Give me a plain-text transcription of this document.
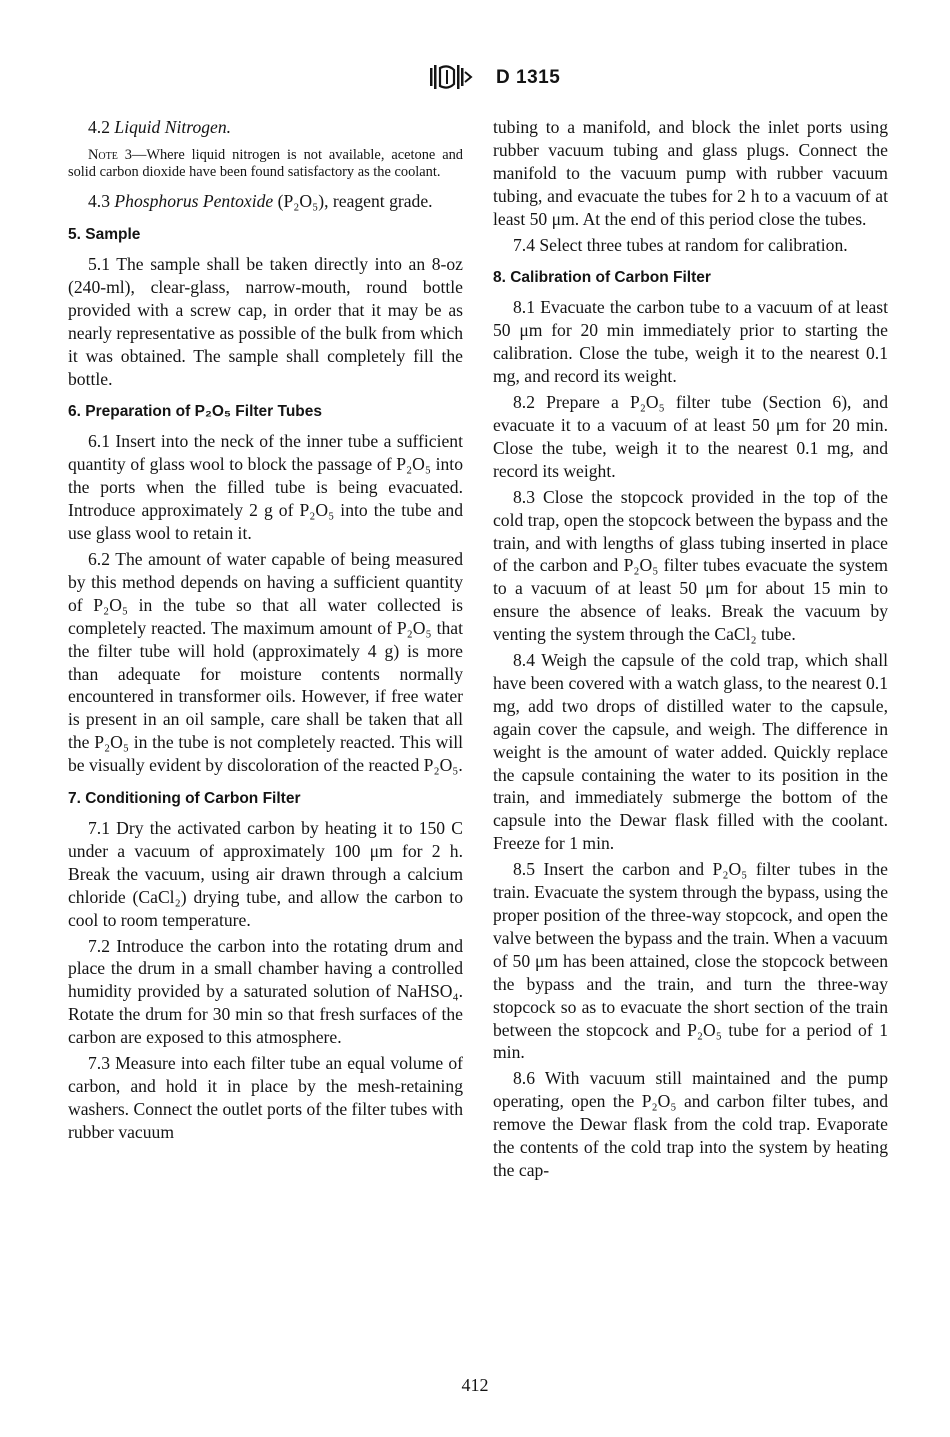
D 1315

4.2 Liquid Nitrogen.

Note 3—Where liquid nitrogen is not available, acetone and solid carbon dioxide have been found satisfactory as the coolant.

4.3 Phosphorus Pentoxide (P₂O₅), reagent grade.

5. Sample

5.1 The sample shall be taken directly into an 8-oz (240-ml), clear-glass, narrow-mouth, round bottle provided with a screw cap, in order that it may be as nearly representative as possible of the bulk from which it was obtained. The sample shall completely fill the bottle.

6. Preparation of P₂O₅ Filter Tubes

6.1 Insert into the neck of the inner tube a sufficient quantity of glass wool to block the passage of P₂O₅ into the ports when the filled tube is being evacuated. Introduce approximately 2 g of P₂O₅ into the tube and use glass wool to retain it.

6.2 The amount of water capable of being measured by this method depends on having a sufficient quantity of P₂O₅ in the tube so that all water collected is completely reacted. The maximum amount of P₂O₅ that the filter tube will hold (approximately 4 g) is more than adequate for moisture contents normally encountered in transformer oils. However, if free water is present in an oil sample, care shall be taken that all the P₂O₅ in the tube is not completely reacted. This will be visually evident by discoloration of the reacted P₂O₅.

7. Conditioning of Carbon Filter

7.1 Dry the activated carbon by heating it to 150 C under a vacuum of approximately 100 μm for 2 h. Break the vacuum, using air drawn through a calcium chloride (CaCl₂) drying tube, and allow the carbon to cool to room temperature.

7.2 Introduce the carbon into the rotating drum and place the drum in a small chamber having a controlled humidity provided by a saturated solution of NaHSO₄. Rotate the drum for 30 min so that fresh surfaces of the carbon are exposed to this atmosphere.

7.3 Measure into each filter tube an equal volume of carbon, and hold it in place by the mesh-retaining washers. Connect the outlet ports of the filter tubes with rubber vacuum

tubing to a manifold, and block the inlet ports using rubber vacuum tubing and glass plugs. Connect the manifold to the vacuum pump with rubber vacuum tubing, and evacuate the tubes for 2 h to a vacuum of at least 50 μm. At the end of this period close the tubes.

7.4 Select three tubes at random for calibration.

8. Calibration of Carbon Filter

8.1 Evacuate the carbon tube to a vacuum of at least 50 μm for 20 min immediately prior to starting the calibration. Close the tube, weigh it to the nearest 0.1 mg, and record its weight.

8.2 Prepare a P₂O₅ filter tube (Section 6), and evacuate it to a vacuum of at least 50 μm for 20 min. Close the tube, weigh it to the nearest 0.1 mg, and record its weight.

8.3 Close the stopcock provided in the top of the cold trap, open the stopcock between the bypass and the train, and with lengths of glass tubing inserted in place of the carbon and P₂O₅ filter tubes evacuate the system to a vacuum of at least 50 μm for about 15 min to ensure the absence of leaks. Break the vacuum by venting the system through the CaCl₂ tube.

8.4 Weigh the capsule of the cold trap, which shall have been covered with a watch glass, to the nearest 0.1 mg, add two drops of distilled water to the capsule, again cover the capsule, and weigh. The difference in weight is the amount of water added. Quickly replace the capsule containing the water to its position in the train, and immediately submerge the bottom of the capsule into the Dewar flask filled with the coolant. Freeze for 1 min.

8.5 Insert the carbon and P₂O₅ filter tubes in the train. Evacuate the system through the bypass, using the proper position of the three-way stopcock, and open the valve between the bypass and the train. When a vacuum of 50 μm has been attained, close the stopcock between the bypass and the train, and turn the three-way stopcock so as to evacuate the short section of the train between the stopcock and P₂O₅ tube for a period of 1 min.

8.6 With vacuum still maintained and the pump operating, open the P₂O₅ and carbon filter tubes, and remove the Dewar flask from the cold trap. Evaporate the contents of the cold trap into the system by heating the cap-

412
